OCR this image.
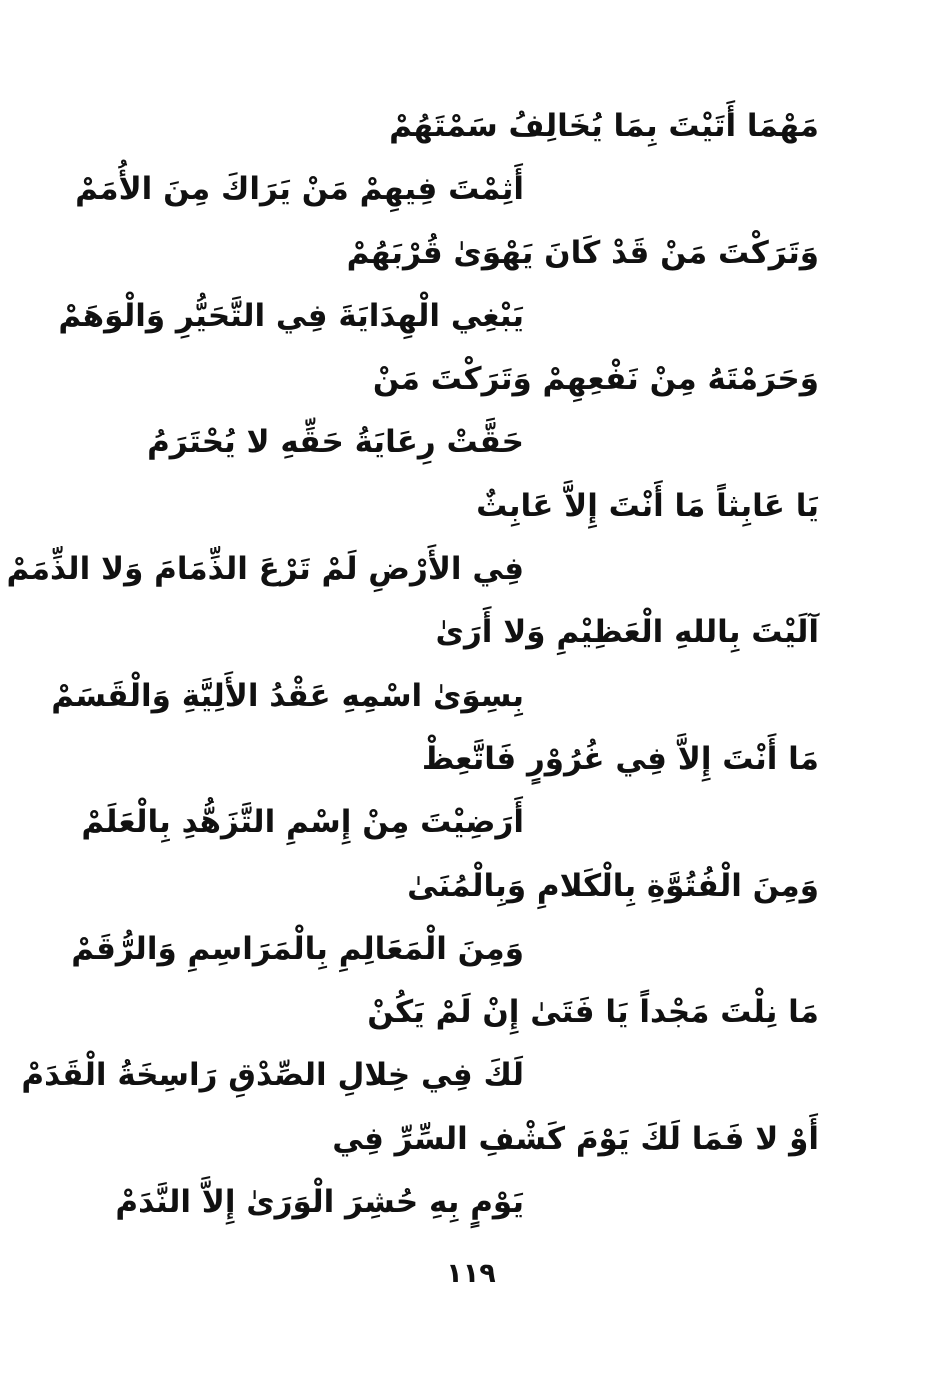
مَهْمَا أَتَيْتَ بِمَا يُخَالِفُ سَمْتَهُمْ
أَثِمْتَ فِيهِمْ مَنْ يَرَاكَ مِنَ الأُمَمْ
وَتَرَكْتَ مَنْ قَدْ كَانَ يَهْوَىٰ قُرْبَهُمْ
يَبْغِي الْهِدَايَةَ فِي التَّحَيُّرِ وَالْوَهَمْ
وَحَرَمْتَهُ مِنْ نَفْعِهِمْ وَتَرَكْتَ مَنْ
حَقَّتْ رِعَايَةُ حَقِّهِ لا يُحْتَرَمُ
يَا عَابِثاً مَا أَنْتَ إِلاَّ عَابِثٌ
فِي الأَرْضِ لَمْ تَرْعَ الذِّمَامَ وَلا الذِّمَمْ
آلَيْتَ بِاللهِ الْعَظِيْمِ وَلا أَرَىٰ
بِسِوَىٰ اسْمِهِ عَقْدُ الأَلِيَّةِ وَالْقَسَمْ
مَا أَنْتَ إِلاَّ فِي غُرُوْرٍ فَاتَّعِظْ
أَرَضِيْتَ مِنْ إِسْمِ التَّزَهُّدِ بِالْعَلَمْ
وَمِنَ الْفُتُوَّةِ بِالْكَلامِ وَبِالْمُنَىٰ
وَمِنَ الْمَعَالِمِ بِالْمَرَاسِمِ وَالرُّقَمْ
مَا نِلْتَ مَجْداً يَا فَتَىٰ إِنْ لَمْ يَكُنْ
لَكَ فِي خِلالِ الصِّدْقِ رَاسِخَةُ الْقَدَمْ
أَوْ لا فَمَا لَكَ يَوْمَ كَشْفِ السِّرِّ فِي
يَوْمٍ بِهِ حُشِرَ الْوَرَىٰ إِلاَّ النَّدَمْ
١١٩
